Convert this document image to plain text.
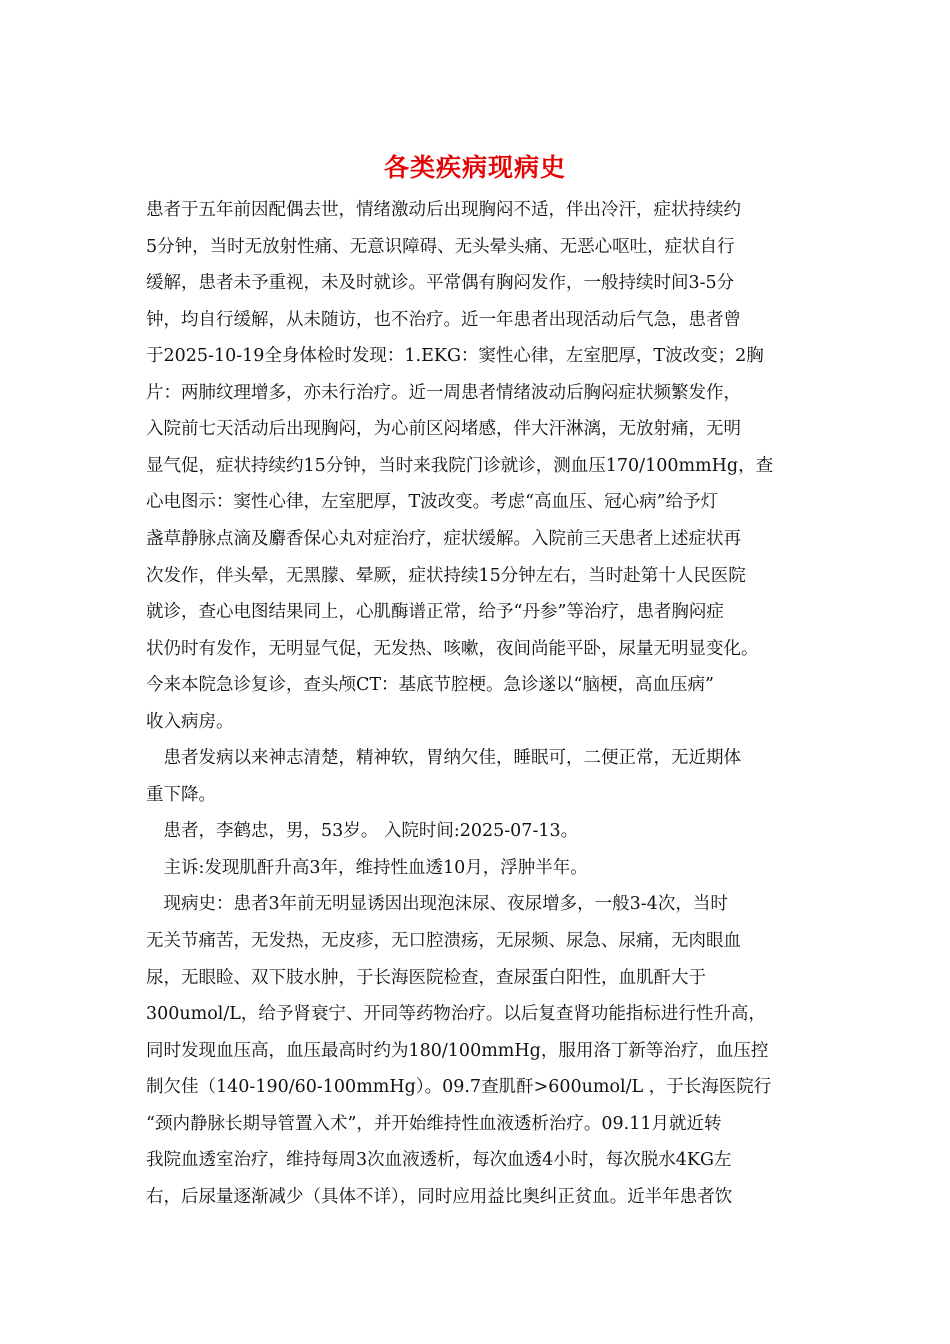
各类疾病现病史
患者于五年前因配偶去世，情绪激动后出现胸闷不适，伴出冷汗，症状持续约
5分钟，当时无放射性痛、无意识障碍、无头晕头痛、无恶心呕吐，症状自行
缓解，患者未予重视，未及时就诊。平常偶有胸闷发作，一般持续时间3-5分
钟，均自行缓解，从未随访，也不治疗。近一年患者出现活动后气急，患者曾
于2025-10-19全身体检时发现：1.EKG：窦性心律，左室肥厚，T波改变；2胸
片：两肺纹理增多，亦未行治疗。近一周患者情绪波动后胸闷症状频繁发作，
入院前七天活动后出现胸闷，为心前区闷堵感，伴大汗淋漓，无放射痛，无明
显气促，症状持续约15分钟，当时来我院门诊就诊，测血压170/100mmHg，查
心电图示：窦性心律，左室肥厚，T波改变。考虑“高血压、冠心病”给予灯
盏草静脉点滴及麝香保心丸对症治疗，症状缓解。入院前三天患者上述症状再
次发作，伴头晕，无黑朦、晕厥，症状持续15分钟左右，当时赴第十人民医院
就诊，查心电图结果同上，心肌酶谱正常，给予“丹参”等治疗，患者胸闷症
状仍时有发作，无明显气促，无发热、咳嗽，夜间尚能平卧，尿量无明显变化。
今来本院急诊复诊，查头颅CT：基底节腔梗。急诊遂以“脑梗，高血压病”
收入病房。
　患者发病以来神志清楚，精神软，胃纳欠佳，睡眠可，二便正常，无近期体
重下降。
　患者，李鹤忠，男，53岁。 入院时间:2025-07-13。
　主诉:发现肌酐升高3年，维持性血透10月，浮肿半年。
　现病史：患者3年前无明显诱因出现泡沫尿、夜尿增多，一般3-4次，当时
无关节痛苦，无发热，无皮疹，无口腔溃疡，无尿频、尿急、尿痛，无肉眼血
尿，无眼睑、双下肢水肿，于长海医院检查，查尿蛋白阳性，血肌酐大于
300umol/L，给予肾衰宁、开同等药物治疗。以后复查肾功能指标进行性升高，
同时发现血压高，血压最高时约为180/100mmHg，服用洛丁新等治疗，血压控
制欠佳（140-190/60-100mmHg）。09.7查肌酐>600umol/L ，于长海医院行
“颈内静脉长期导管置入术”，并开始维持性血液透析治疗。09.11月就近转
我院血透室治疗，维持每周3次血液透析，每次血透4小时，每次脱水4KG左
右，后尿量逐渐减少（具体不详），同时应用益比奥纠正贫血。近半年患者饮
